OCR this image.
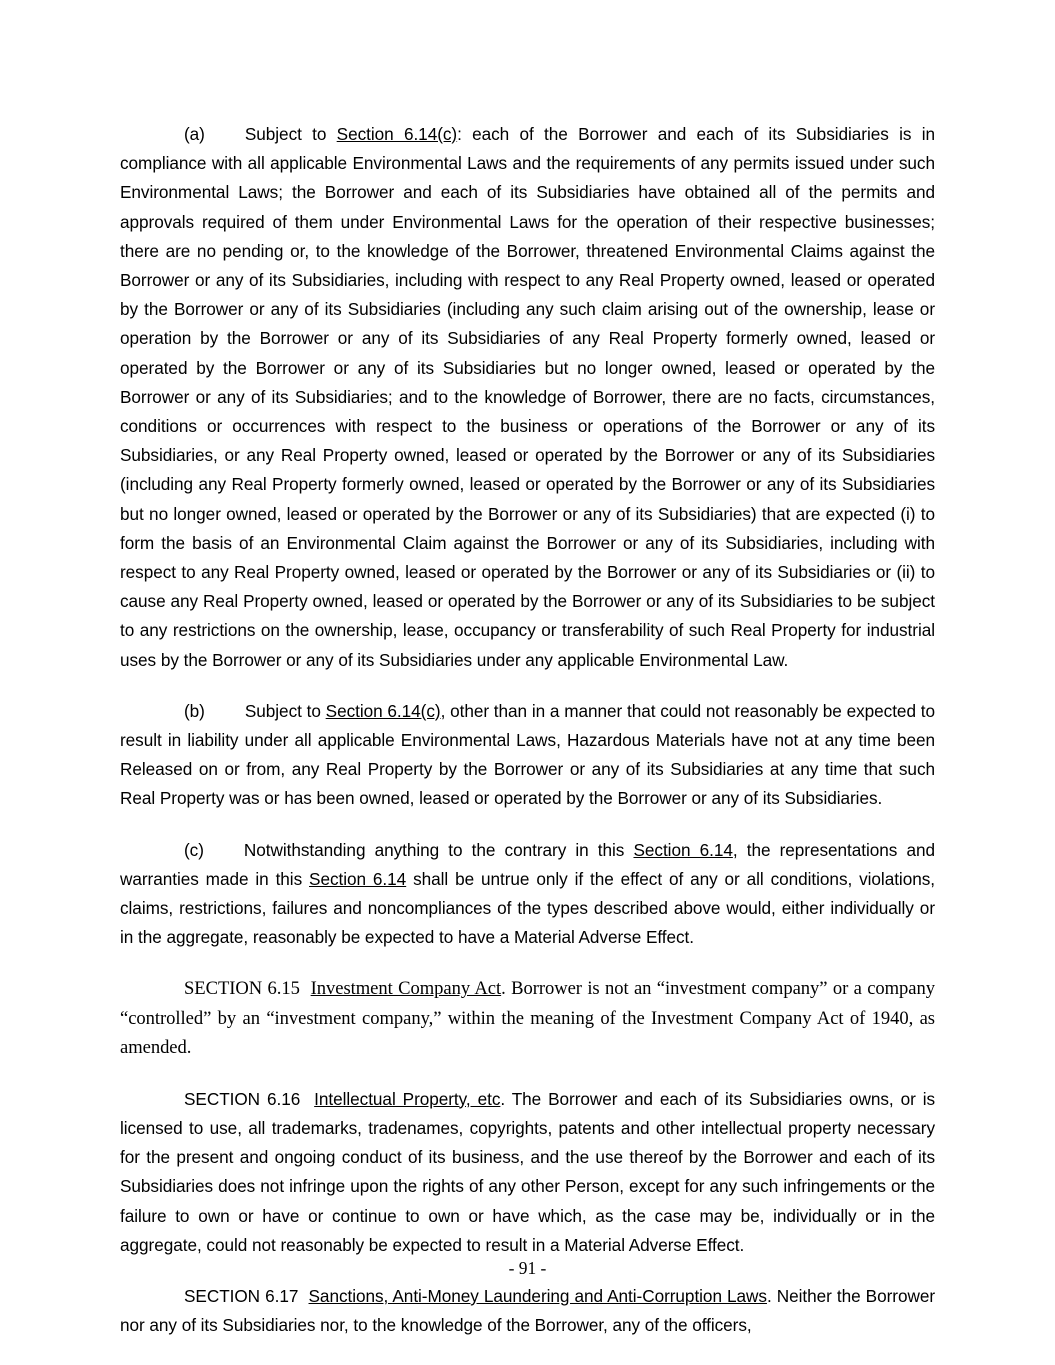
(a) Subject to Section 6.14(c): each of the Borrower and each of its Subsidiaries is in compliance with all applicable Environmental Laws and the requirements of any permits issued under such Environmental Laws; the Borrower and each of its Subsidiaries have obtained all of the permits and approvals required of them under Environmental Laws for the operation of their respective businesses; there are no pending or, to the knowledge of the Borrower, threatened Environmental Claims against the Borrower or any of its Subsidiaries, including with respect to any Real Property owned, leased or operated by the Borrower or any of its Subsidiaries (including any such claim arising out of the ownership, lease or operation by the Borrower or any of its Subsidiaries of any Real Property formerly owned, leased or operated by the Borrower or any of its Subsidiaries but no longer owned, leased or operated by the Borrower or any of its Subsidiaries; and to the knowledge of Borrower, there are no facts, circumstances, conditions or occurrences with respect to the business or operations of the Borrower or any of its Subsidiaries, or any Real Property owned, leased or operated by the Borrower or any of its Subsidiaries (including any Real Property formerly owned, leased or operated by the Borrower or any of its Subsidiaries but no longer owned, leased or operated by the Borrower or any of its Subsidiaries) that are expected (i) to form the basis of an Environmental Claim against the Borrower or any of its Subsidiaries, including with respect to any Real Property owned, leased or operated by the Borrower or any of its Subsidiaries or (ii) to cause any Real Property owned, leased or operated by the Borrower or any of its Subsidiaries to be subject to any restrictions on the ownership, lease, occupancy or transferability of such Real Property for industrial uses by the Borrower or any of its Subsidiaries under any applicable Environmental Law.

(b) Subject to Section 6.14(c), other than in a manner that could not reasonably be expected to result in liability under all applicable Environmental Laws, Hazardous Materials have not at any time been Released on or from, any Real Property by the Borrower or any of its Subsidiaries at any time that such Real Property was or has been owned, leased or operated by the Borrower or any of its Subsidiaries.

(c) Notwithstanding anything to the contrary in this Section 6.14, the representations and warranties made in this Section 6.14 shall be untrue only if the effect of any or all conditions, violations, claims, restrictions, failures and noncompliances of the types described above would, either individually or in the aggregate, reasonably be expected to have a Material Adverse Effect.

SECTION 6.15 Investment Company Act. Borrower is not an “investment company” or a company “controlled” by an “investment company,” within the meaning of the Investment Company Act of 1940, as amended.

SECTION 6.16 Intellectual Property, etc. The Borrower and each of its Subsidiaries owns, or is licensed to use, all trademarks, tradenames, copyrights, patents and other intellectual property necessary for the present and ongoing conduct of its business, and the use thereof by the Borrower and each of its Subsidiaries does not infringe upon the rights of any other Person, except for any such infringements or the failure to own or have or continue to own or have which, as the case may be, individually or in the aggregate, could not reasonably be expected to result in a Material Adverse Effect.

SECTION 6.17 Sanctions, Anti-Money Laundering and Anti-Corruption Laws. Neither the Borrower nor any of its Subsidiaries nor, to the knowledge of the Borrower, any of the officers,

- 91 -
